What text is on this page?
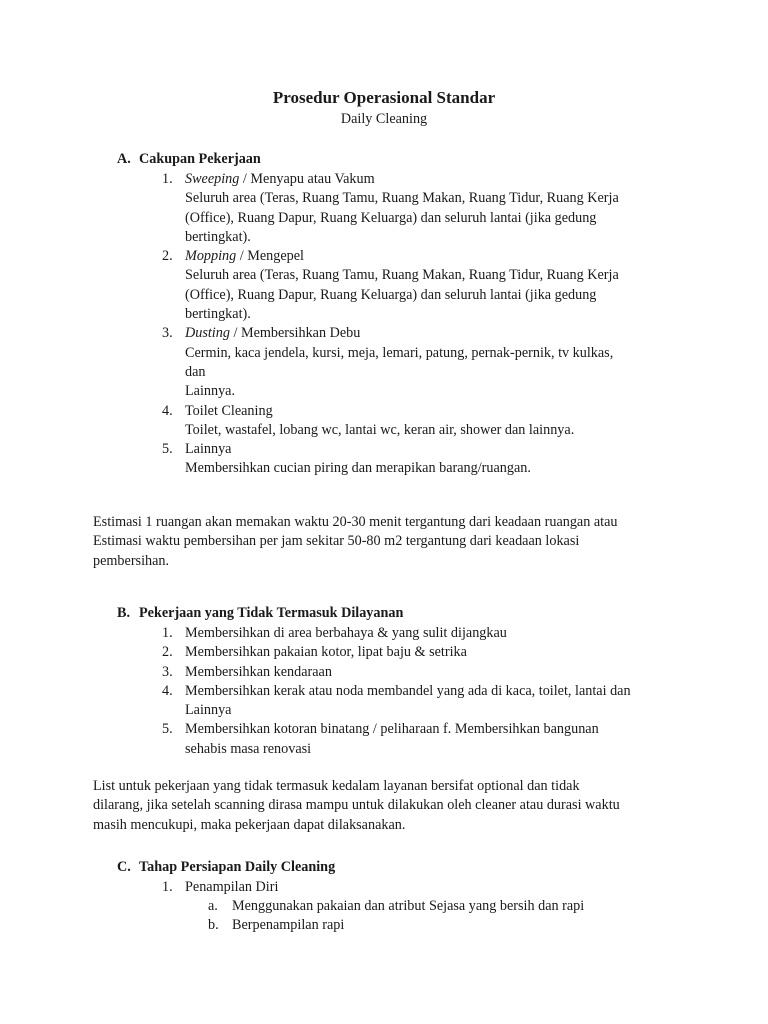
Prosedur Operasional Standar
Daily Cleaning
A. Cakupan Pekerjaan
1. Sweeping / Menyapu atau Vakum
Seluruh area (Teras, Ruang Tamu, Ruang Makan, Ruang Tidur, Ruang Kerja
(Office), Ruang Dapur, Ruang Keluarga) dan seluruh lantai (jika gedung
bertingkat).
2. Mopping / Mengepel
Seluruh area (Teras, Ruang Tamu, Ruang Makan, Ruang Tidur, Ruang Kerja
(Office), Ruang Dapur, Ruang Keluarga) dan seluruh lantai (jika gedung
bertingkat).
3. Dusting / Membersihkan Debu
Cermin, kaca jendela, kursi, meja, lemari, patung, pernak-pernik, tv kulkas,
dan
Lainnya.
4. Toilet Cleaning
Toilet, wastafel, lobang wc, lantai wc, keran air, shower dan lainnya.
5. Lainnya
Membersihkan cucian piring dan merapikan barang/ruangan.
Estimasi 1 ruangan akan memakan waktu 20-30 menit tergantung dari keadaan ruangan atau
Estimasi waktu pembersihan per jam sekitar 50-80 m2 tergantung dari keadaan lokasi
pembersihan.
B. Pekerjaan yang Tidak Termasuk Dilayanan
1. Membersihkan di area berbahaya & yang sulit dijangkau
2. Membersihkan pakaian kotor, lipat baju & setrika
3. Membersihkan kendaraan
4. Membersihkan kerak atau noda membandel yang ada di kaca, toilet, lantai dan
Lainnya
5. Membersihkan kotoran binatang / peliharaan f. Membersihkan bangunan
sehabis masa renovasi
List untuk pekerjaan yang tidak termasuk kedalam layanan bersifat optional dan tidak
dilarang, jika setelah scanning dirasa mampu untuk dilakukan oleh cleaner atau durasi waktu
masih mencukupi, maka pekerjaan dapat dilaksanakan.
C. Tahap Persiapan Daily Cleaning
1. Penampilan Diri
a. Menggunakan pakaian dan atribut Sejasa yang bersih dan rapi
b. Berpenampilan rapi
